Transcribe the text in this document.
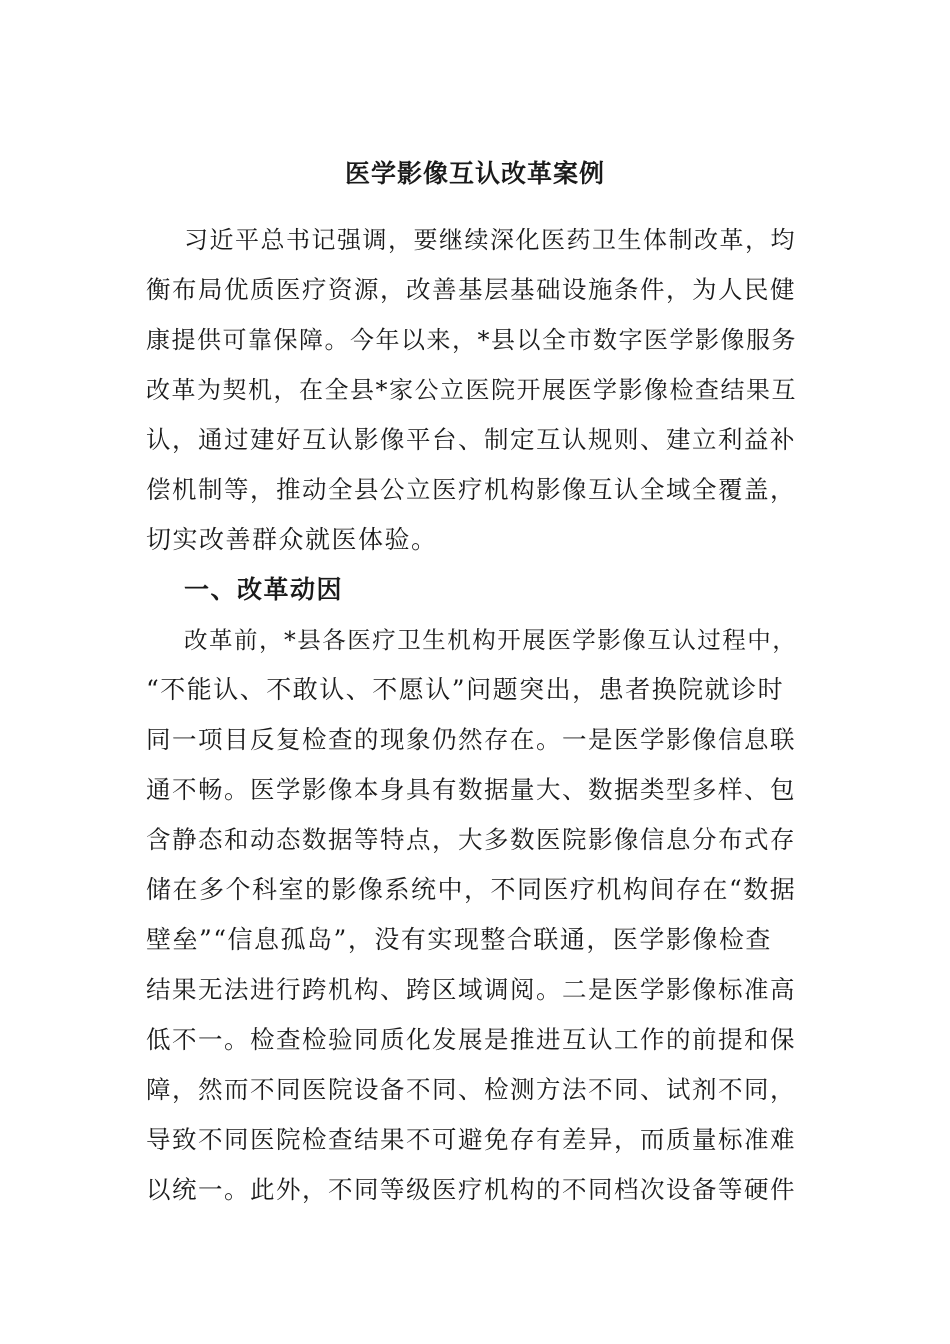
医学影像互认改革案例
习近平总书记强调，要继续深化医药卫生体制改革，均
衡布局优质医疗资源，改善基层基础设施条件，为人民健
康提供可靠保障。今年以来，*县以全市数字医学影像服务
改革为契机，在全县*家公立医院开展医学影像检查结果互
认，通过建好互认影像平台、制定互认规则、建立利益补
偿机制等，推动全县公立医疗机构影像互认全域全覆盖，
切实改善群众就医体验。
一、改革动因
改革前，*县各医疗卫生机构开展医学影像互认过程中，
“不能认、不敢认、不愿认”问题突出，患者换院就诊时
同一项目反复检查的现象仍然存在。一是医学影像信息联
通不畅。医学影像本身具有数据量大、数据类型多样、包
含静态和动态数据等特点，大多数医院影像信息分布式存
储在多个科室的影像系统中，不同医疗机构间存在“数据
壁垒”“信息孤岛”，没有实现整合联通，医学影像检查
结果无法进行跨机构、跨区域调阅。二是医学影像标准高
低不一。检查检验同质化发展是推进互认工作的前提和保
障，然而不同医院设备不同、检测方法不同、试剂不同，
导致不同医院检查结果不可避免存有差异，而质量标准难
以统一。此外，不同等级医疗机构的不同档次设备等硬件
